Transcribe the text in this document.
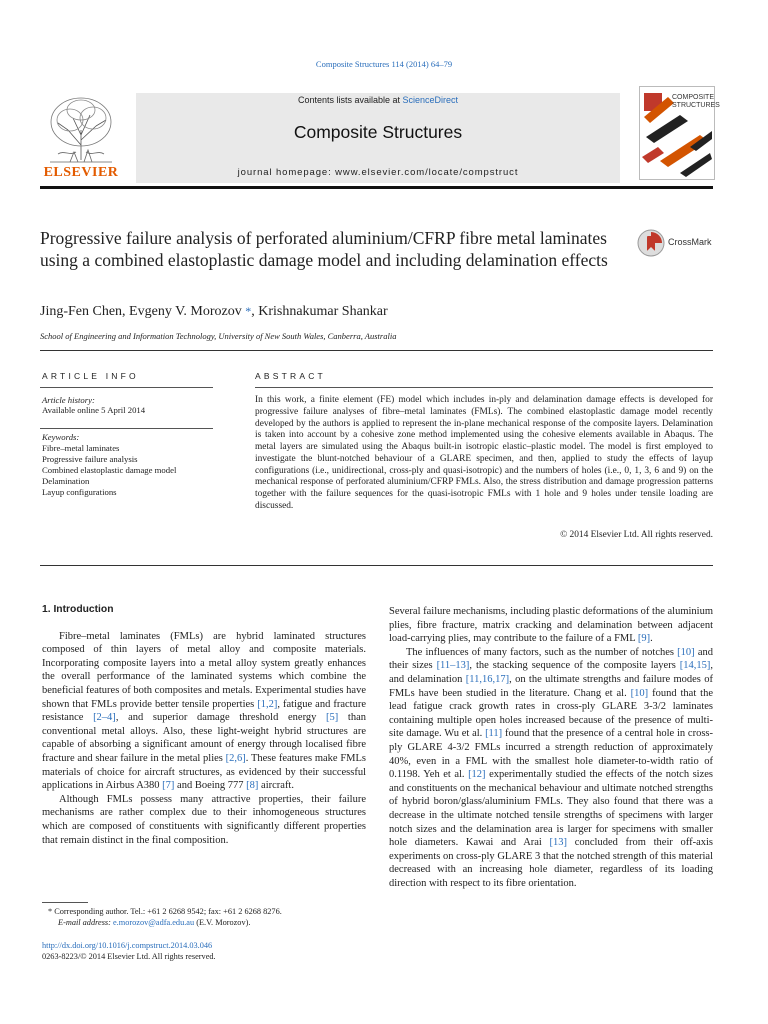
Composite Structures 114 (2014) 64–79
ELSEVIER
Contents lists available at ScienceDirect
Composite Structures
journal homepage: www.elsevier.com/locate/compstruct
COMPOSITE
STRUCTURES
Progressive failure analysis of perforated aluminium/CFRP fibre metal laminates using a combined elastoplastic damage model and including delamination effects
CrossMark
Jing-Fen Chen, Evgeny V. Morozov *, Krishnakumar Shankar
School of Engineering and Information Technology, University of New South Wales, Canberra, Australia
ARTICLE INFO
Article history:
Available online 5 April 2014
Keywords:
Fibre–metal laminates
Progressive failure analysis
Combined elastoplastic damage model
Delamination
Layup configurations
ABSTRACT
In this work, a finite element (FE) model which includes in-ply and delamination damage effects is developed for progressive failure analyses of fibre–metal laminates (FMLs). The combined elastoplastic damage model recently developed by the authors is applied to represent the in-plane mechanical response of the composite layers. Delamination is taken into account by a cohesive zone method implemented using the cohesive elements available in Abaqus. The metal layers are simulated using the Abaqus built-in isotropic elastic–plastic model. The model is first employed to investigate the blunt-notched behaviour of a GLARE specimen, and then, applied to study the effects of layup configurations (i.e., unidirectional, cross-ply and quasi-isotropic) and the numbers of holes (i.e., 0, 1, 3, 6 and 9) on the mechanical response of perforated aluminium/CFRP FMLs. Also, the stress distribution and damage progression patterns together with the failure sequences for the quasi-isotropic FMLs with 1 hole and 9 holes under tensile loading are discussed.
© 2014 Elsevier Ltd. All rights reserved.

1. Introduction

Fibre–metal laminates (FMLs) are hybrid laminated structures composed of thin layers of metal alloy and composite materials. Incorporating composite layers into a metal alloy system greatly enhances the overall performance of the laminated systems which combine the beneficial features of both composites and metals. Experimental studies have shown that FMLs provide better tensile properties [1,2], fatigue and fracture resistance [2–4], and superior damage threshold energy [5] than conventional metal alloys. Also, these light-weight hybrid structures are capable of absorbing a significant amount of energy through localised fibre fracture and shear failure in the metal plies [2,6]. These features make FMLs materials of choice for aircraft structures, as evidenced by their successful applications in Airbus A380 [7] and Boeing 777 [8] aircraft.

Although FMLs possess many attractive properties, their failure mechanisms are rather complex due to their inhomogeneous structures which are composed of constituents with significantly different properties that remain distinct in the final composition.

Several failure mechanisms, including plastic deformations of the aluminium plies, fibre fracture, matrix cracking and delamination between adjacent load-carrying plies, may contribute to the failure of a FML [9].

The influences of many factors, such as the number of notches [10] and their sizes [11–13], the stacking sequence of the composite layers [14,15], and delamination [11,16,17], on the ultimate strengths and failure modes of FMLs have been studied in the literature. Chang et al. [10] found that the lead fatigue crack growth rates in cross-ply GLARE 3-3/2 laminates containing multiple open holes increased because of the presence of multi-site damage. Wu et al. [11] found that the presence of a central hole in cross-ply GLARE 4-3/2 FMLs incurred a strength reduction of approximately 40%, even in a FML with the smallest hole diameter-to-width ratio of 0.1198. Yeh et al. [12] experimentally studied the effects of the notch sizes and constituents on the mechanical behaviour and ultimate notched strengths of hybrid boron/glass/aluminium FMLs. They also found that there was a decrease in the ultimate notched tensile strengths of specimens with larger notch sizes and the delamination area is larger for specimens with smaller hole diameters. Kawai and Arai [13] concluded from their off-axis experiments on cross-ply GLARE 3 that the notched strength of this material decreased with an increasing hole diameter, regardless of its loading direction with respect to its fibre orientation.

* Corresponding author. Tel.: +61 2 6268 9542; fax: +61 2 6268 8276.
E-mail address: e.morozov@adfa.edu.au (E.V. Morozov).
http://dx.doi.org/10.1016/j.compstruct.2014.03.046
0263-8223/© 2014 Elsevier Ltd. All rights reserved.
